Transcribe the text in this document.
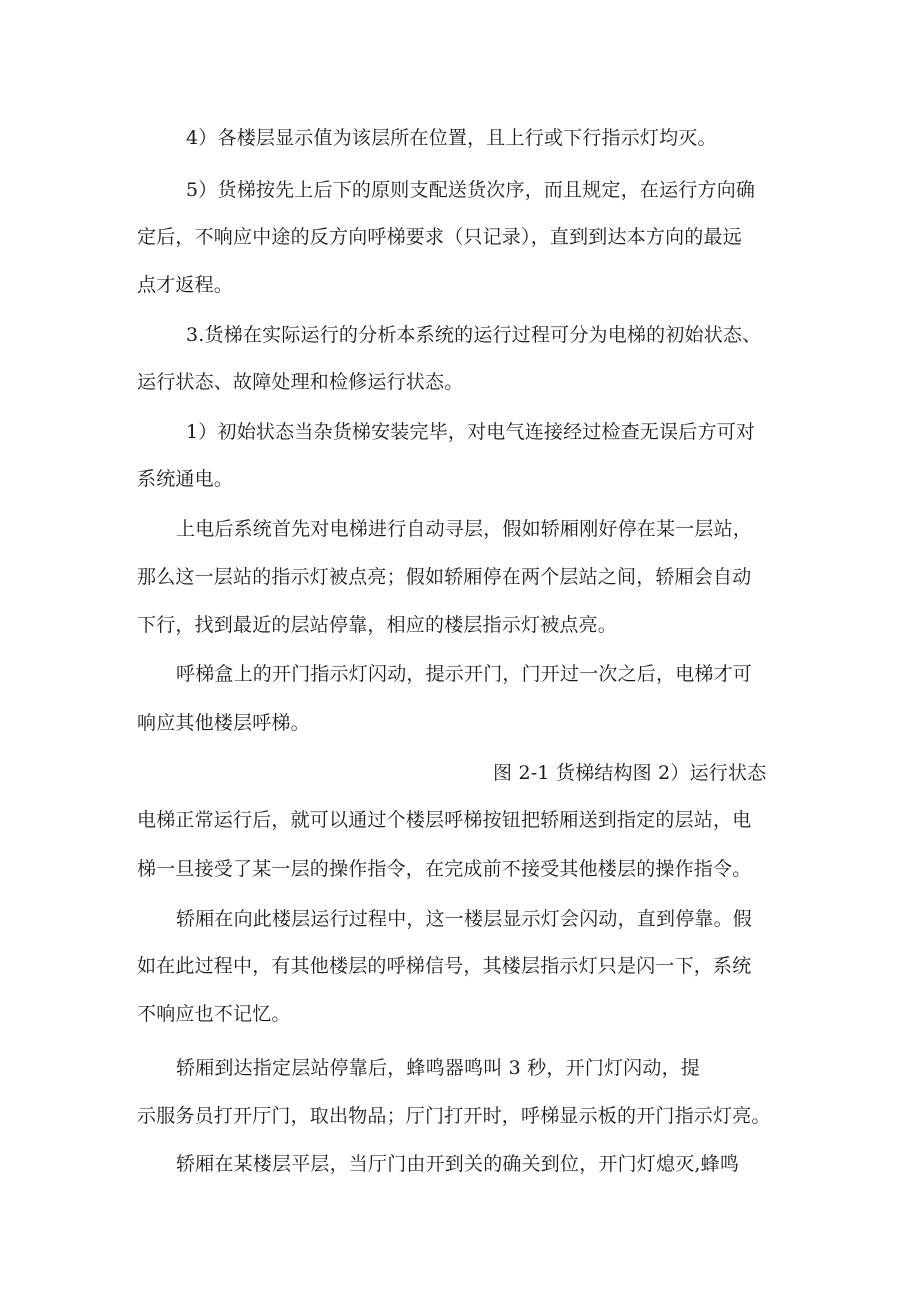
4）各楼层显示值为该层所在位置，且上行或下行指示灯均灭。
5）货梯按先上后下的原则支配送货次序，而且规定，在运行方向确
定后，不响应中途的反方向呼梯要求（只记录），直到到达本方向的最远
点才返程。
3.货梯在实际运行的分析本系统的运行过程可分为电梯的初始状态、
运行状态、故障处理和检修运行状态。
1）初始状态当杂货梯安装完毕，对电气连接经过检查无误后方可对
系统通电。
上电后系统首先对电梯进行自动寻层，假如轿厢刚好停在某一层站，
那么这一层站的指示灯被点亮；假如轿厢停在两个层站之间，轿厢会自动
下行，找到最近的层站停靠，相应的楼层指示灯被点亮。
呼梯盒上的开门指示灯闪动，提示开门，门开过一次之后，电梯才可
响应其他楼层呼梯。
图 2-1 货梯结构图 2）运行状态
电梯正常运行后，就可以通过个楼层呼梯按钮把轿厢送到指定的层站，电
梯一旦接受了某一层的操作指令，在完成前不接受其他楼层的操作指令。
轿厢在向此楼层运行过程中，这一楼层显示灯会闪动，直到停靠。假
如在此过程中，有其他楼层的呼梯信号，其楼层指示灯只是闪一下，系统
不响应也不记忆。
轿厢到达指定层站停靠后，蜂鸣器鸣叫 3 秒，开门灯闪动，提
示服务员打开厅门，取出物品；厅门打开时，呼梯显示板的开门指示灯亮。
轿厢在某楼层平层，当厅门由开到关的确关到位，开门灯熄灭,蜂鸣
